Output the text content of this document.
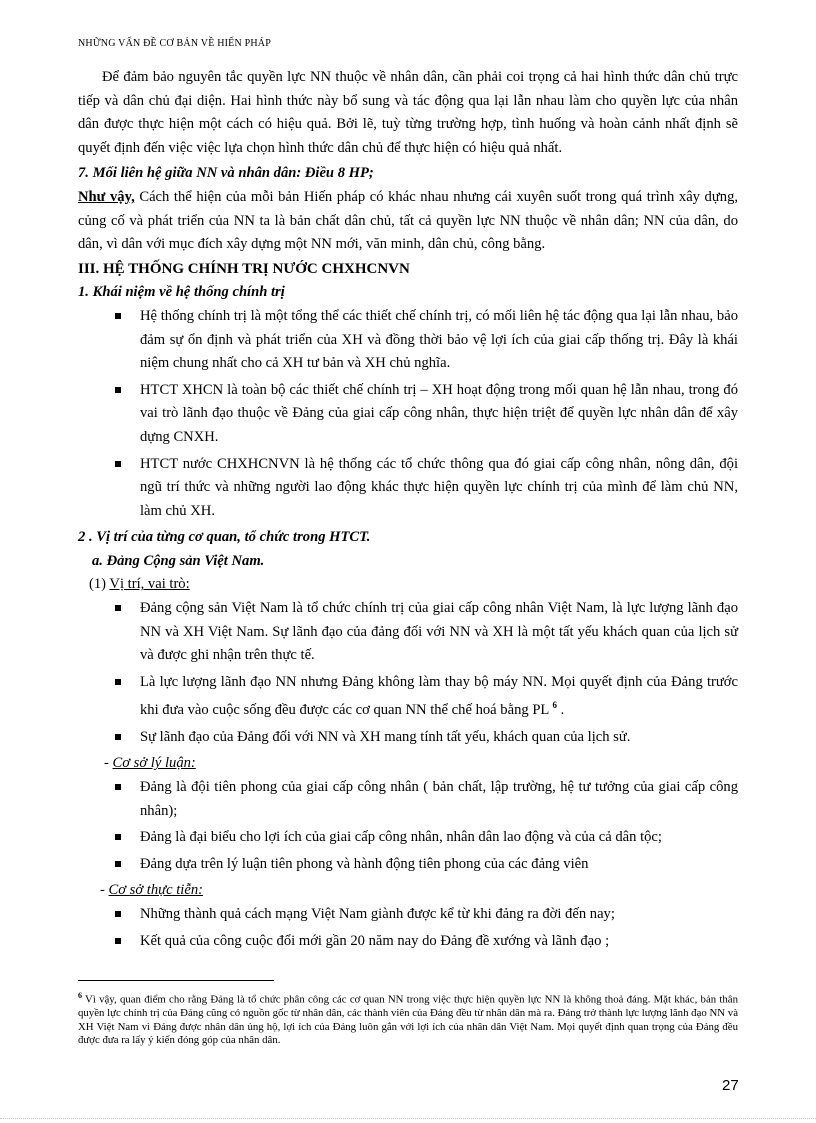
NHỮNG VẤN ĐỀ CƠ BẢN VỀ HIẾN PHÁP

Để đảm bảo nguyên tắc quyền lực NN thuộc về nhân dân, cần phải coi trọng cả hai hình thức dân chủ trực tiếp và dân chủ đại diện. Hai hình thức này bổ sung và tác động qua lại lẫn nhau làm cho quyền lực của nhân dân được thực hiện một cách có hiệu quả. Bởi lẽ, tuỳ từng trường hợp, tình huống và hoàn cảnh nhất định sẽ quyết định đến việc việc lựa chọn hình thức dân chủ để thực hiện có hiệu quả nhất.

7. Mối liên hệ giữa NN và nhân dân: Điều 8 HP;

Như vậy, Cách thể hiện của mỗi bản Hiến pháp có khác nhau nhưng cái xuyên suốt trong quá trình xây dựng, củng cố và phát triển của NN ta là bản chất dân chủ, tất cả quyền lực NN thuộc về nhân dân; NN của dân, do dân, vì dân với mục đích xây dựng một NN mới, văn minh, dân chủ, công bằng.

III. HỆ THỐNG CHÍNH TRỊ NƯỚC CHXHCNVN

1. Khái niệm về hệ thống chính trị

Hệ thống chính trị là một tổng thể các thiết chế chính trị, có mối liên hệ tác động qua lại lẫn nhau, bảo đảm sự ổn định và phát triển của XH và đồng thời bảo vệ lợi ích của giai cấp thống trị. Đây là khái niệm chung nhất cho cả XH tư bản và XH chủ nghĩa.
HTCT XHCN là toàn bộ các thiết chế chính trị – XH hoạt động trong mối quan hệ lẫn nhau, trong đó vai trò lãnh đạo thuộc về Đảng của giai cấp công nhân, thực hiện triệt để quyền lực nhân dân để xây dựng CNXH.
HTCT nước CHXHCNVN là hệ thống các tổ chức thông qua đó giai cấp công nhân, nông dân, đội ngũ trí thức và những người lao động khác thực hiện quyền lực chính trị của mình để làm chủ NN, làm chủ XH.

2 . Vị trí của từng cơ quan, tổ chức trong HTCT.

a. Đảng Cộng sản Việt Nam.

(1) Vị trí, vai trò:

Đảng cộng sản Việt Nam là tổ chức chính trị của giai cấp công nhân Việt Nam, là lực lượng lãnh đạo NN và XH Việt Nam. Sự lãnh đạo của đảng đối với NN và XH là một tất yếu khách quan của lịch sử và được ghi nhận trên thực tế.
Là lực lượng lãnh đạo NN nhưng Đảng không làm thay bộ máy NN. Mọi quyết định của Đảng trước khi đưa vào cuộc sống đều được các cơ quan NN thể chế hoá bằng PL $^6$ .
Sự lãnh đạo của Đảng đối với NN và XH mang tính tất yếu, khách quan của lịch sử.

- Cơ sở lý luận:

Đảng là đội tiên phong của giai cấp công nhân ( bản chất, lập trường, hệ tư tưởng của giai cấp công nhân);
Đảng là đại biểu cho lợi ích của giai cấp công nhân, nhân dân lao động và của cả dân tộc;
Đảng dựa trên lý luận tiên phong và hành động tiên phong của các đảng viên

- Cơ sở thực tiễn:

Những thành quả cách mạng Việt Nam giành được kể từ khi đảng ra đời đến nay;
Kết quả của công cuộc đổi mới gần 20 năm nay do Đảng đề xướng và lãnh đạo ;
$^6$ Vì vậy, quan điểm cho rằng Đảng là tổ chức phân công các cơ quan NN trong việc thực hiện quyền lực NN là không thoả đáng. Mặt khác, bản thân quyền lực chính trị của Đảng cũng có nguồn gốc từ nhân dân, các thành viên của Đảng đều từ nhân dân mà ra. Đảng trở thành lực lượng lãnh đạo NN và XH Việt Nam vì Đảng được nhân dân ủng hộ, lợi ích của Đảng luôn gắn với lợi ích của nhân dân Việt Nam. Mọi quyết định quan trọng của Đảng đều được đưa ra lấy ý kiến đóng góp của nhân dân.
27
